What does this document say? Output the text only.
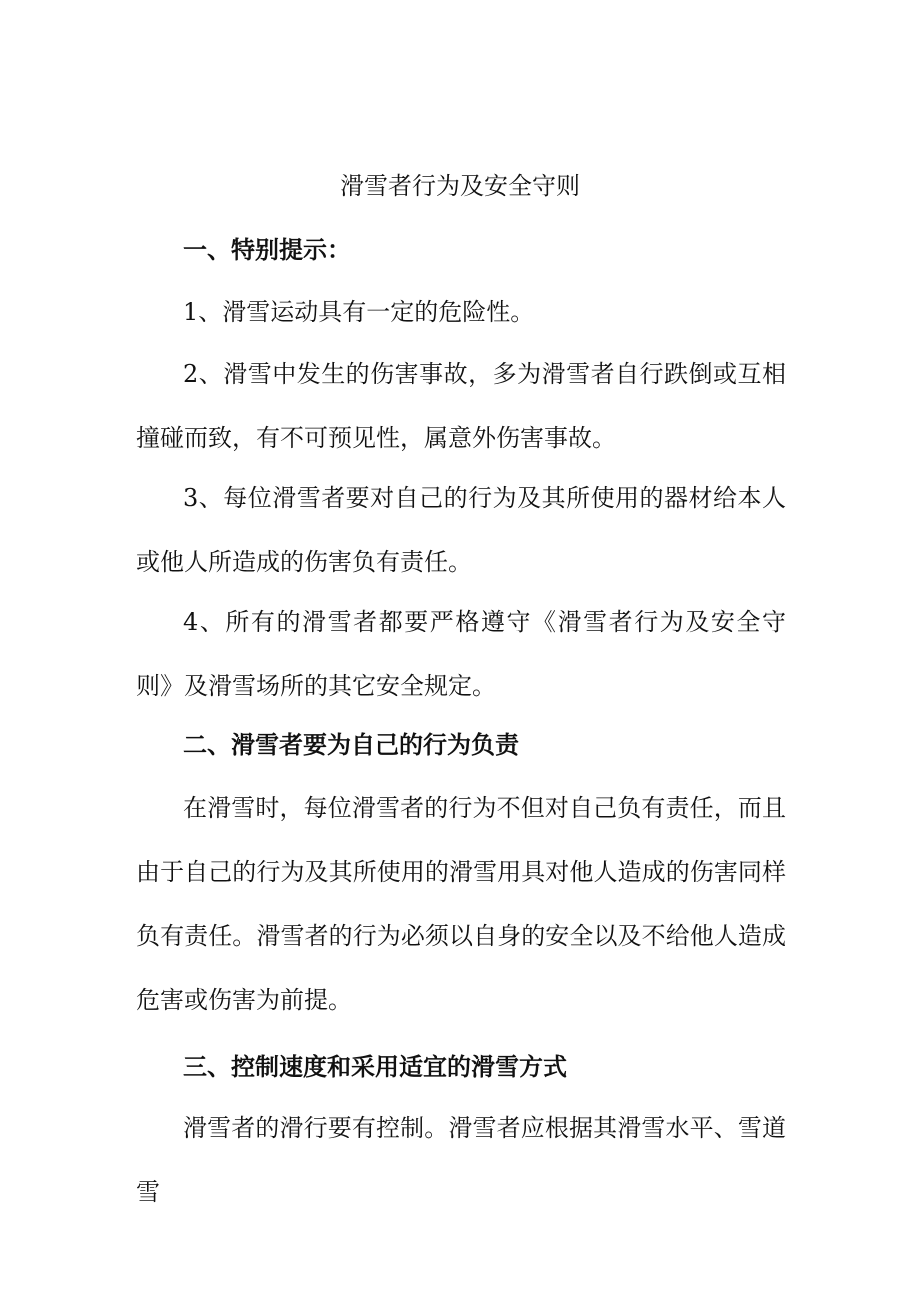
滑雪者行为及安全守则
一、特别提示：

1、滑雪运动具有一定的危险性。

2、滑雪中发生的伤害事故，多为滑雪者自行跌倒或互相撞碰而致，有不可预见性，属意外伤害事故。

3、每位滑雪者要对自己的行为及其所使用的器材给本人或他人所造成的伤害负有责任。

4、所有的滑雪者都要严格遵守《滑雪者行为及安全守则》及滑雪场所的其它安全规定。

二、滑雪者要为自己的行为负责

在滑雪时，每位滑雪者的行为不但对自己负有责任，而且由于自己的行为及其所使用的滑雪用具对他人造成的伤害同样负有责任。滑雪者的行为必须以自身的安全以及不给他人造成危害或伤害为前提。

三、控制速度和采用适宜的滑雪方式

滑雪者的滑行要有控制。滑雪者应根据其滑雪水平、雪道雪
